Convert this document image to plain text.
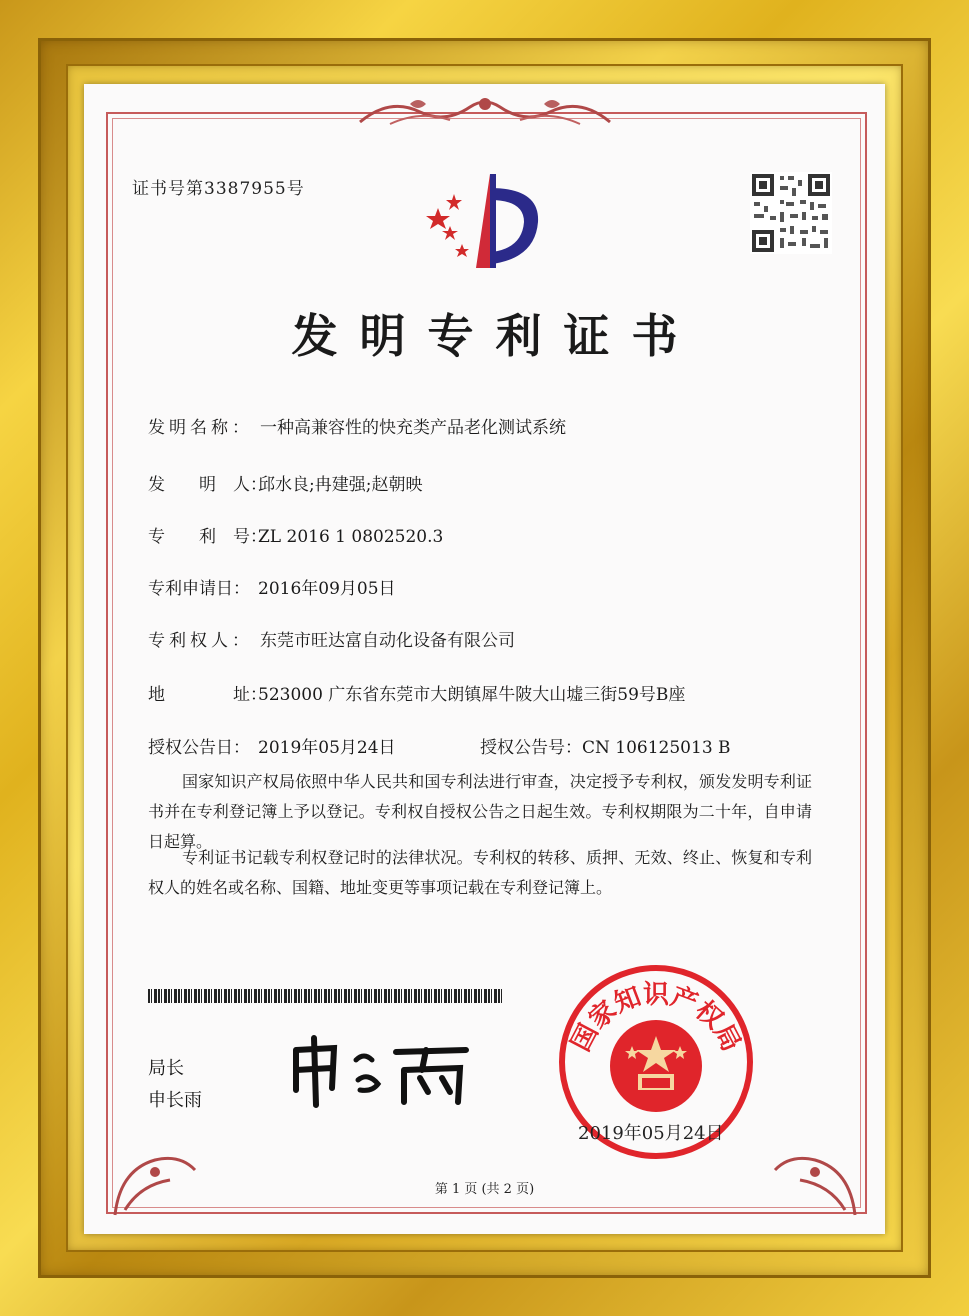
证书号第3387955号
发明专利证书
发明名称： 一种高兼容性的快充类产品老化测试系统
发　　明　人：邱水良;冉建强;赵朝映
专　　利　号：ZL 2016 1 0802520.3
专利申请日： 2016年09月05日
专利权人： 东莞市旺达富自动化设备有限公司
地　　　　址：523000 广东省东莞市大朗镇犀牛陂大山墟三街59号B座
授权公告日： 2019年05月24日	授权公告号：CN 106125013 B
国家知识产权局依照中华人民共和国专利法进行审查，决定授予专利权，颁发发明专利证书并在专利登记簿上予以登记。专利权自授权公告之日起生效。专利权期限为二十年，自申请日起算。
专利证书记载专利权登记时的法律状况。专利权的转移、质押、无效、终止、恢复和专利权人的姓名或名称、国籍、地址变更等事项记载在专利登记簿上。
局长
申长雨
国家知识产权局
2019年05月24日
第 1 页 (共 2 页)
